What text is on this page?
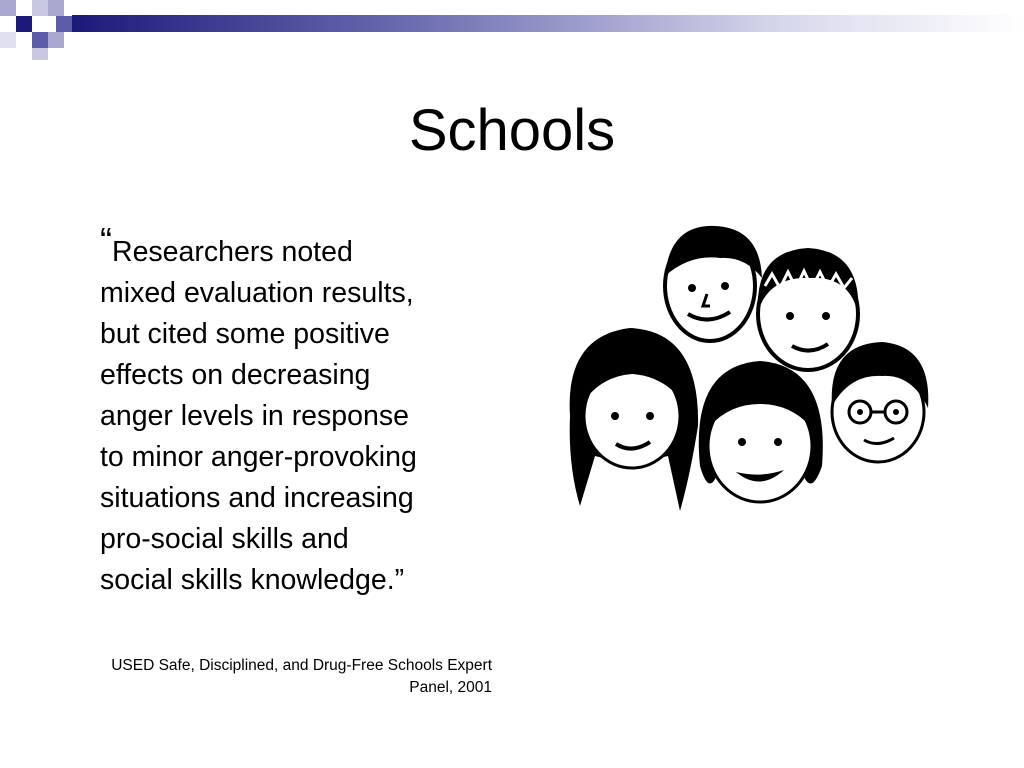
Schools
“Researchers noted
mixed evaluation results,
but cited some positive
effects on decreasing
anger levels in response
to minor anger-provoking
situations and increasing
pro-social skills and
social skills knowledge.”
USED Safe, Disciplined, and Drug-Free Schools Expert
Panel, 2001
